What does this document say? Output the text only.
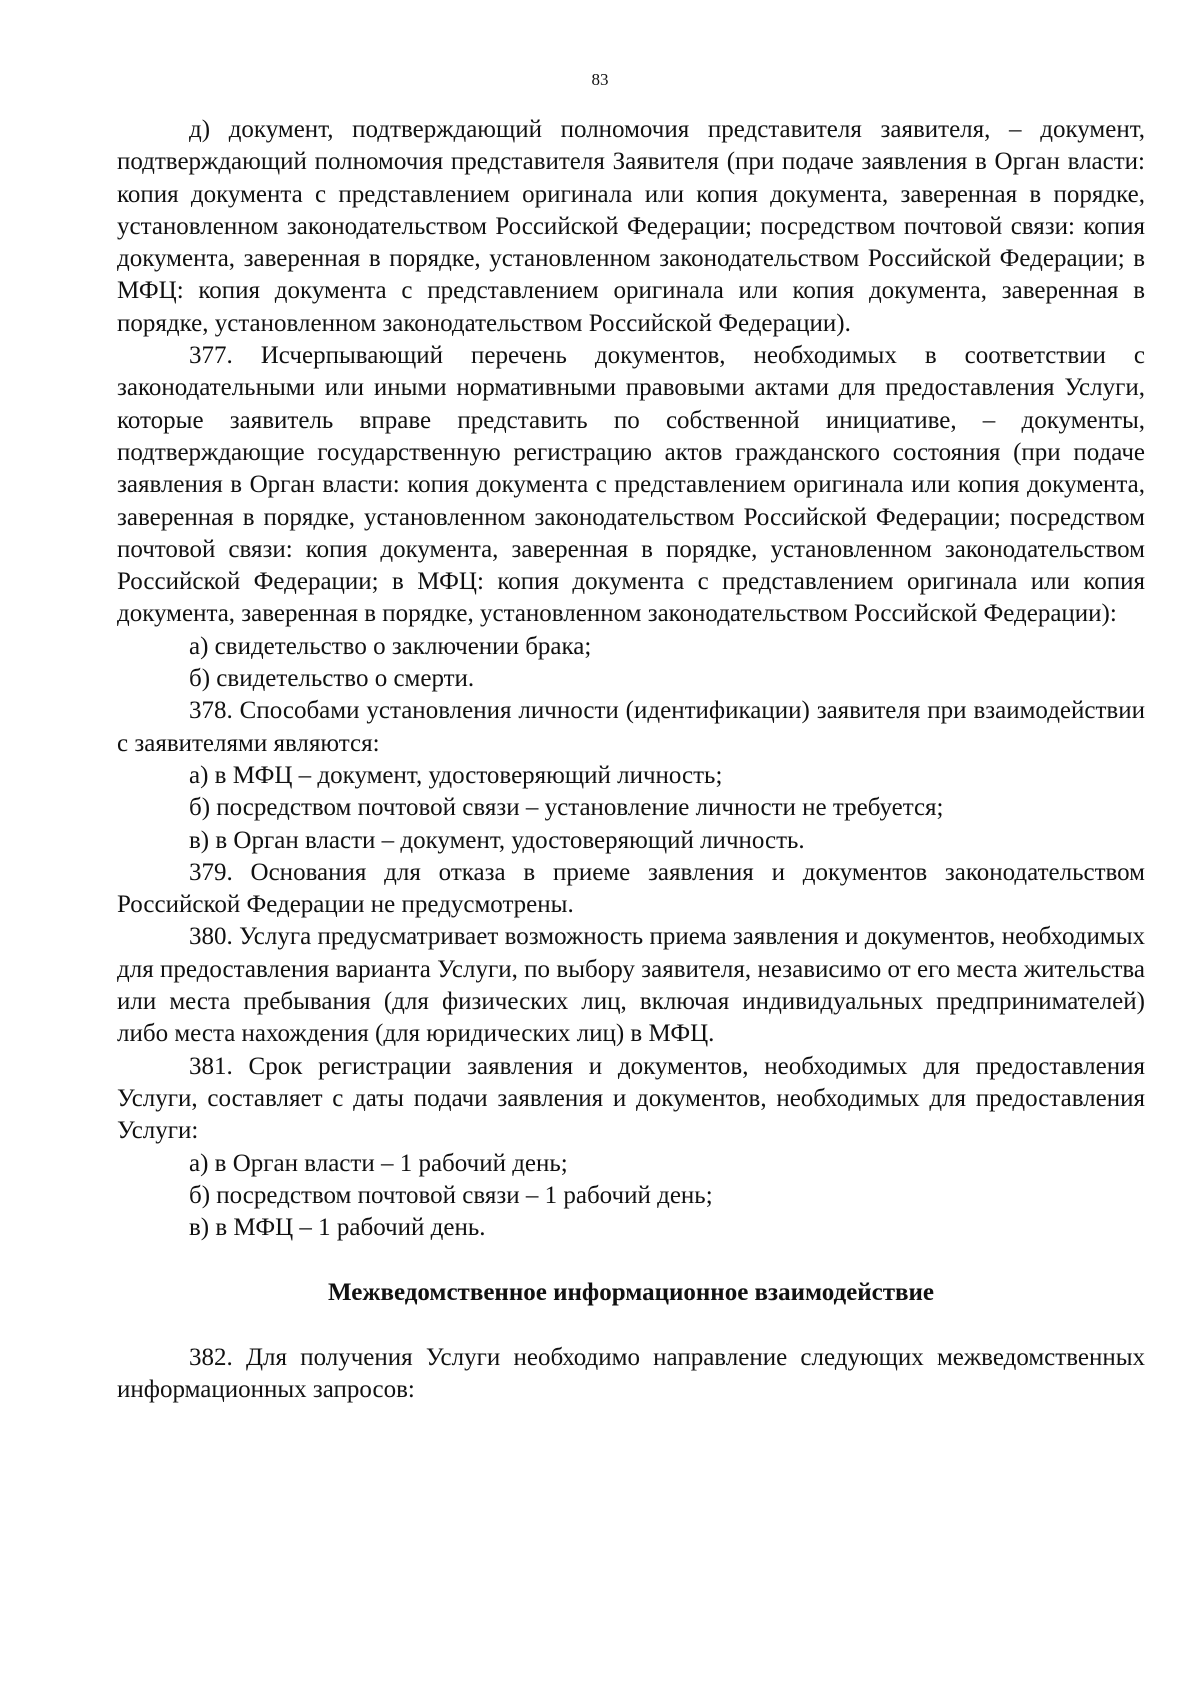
83

д) документ, подтверждающий полномочия представителя заявителя, – документ, подтверждающий полномочия представителя Заявителя (при подаче заявления в Орган власти: копия документа с представлением оригинала или копия документа, заверенная в порядке, установленном законодательством Российской Федерации; посредством почтовой связи: копия документа, заверенная в порядке, установленном законодательством Российской Федерации; в МФЦ: копия документа с представлением оригинала или копия документа, заверенная в порядке, установленном законодательством Российской Федерации).

377. Исчерпывающий перечень документов, необходимых в соответствии с законодательными или иными нормативными правовыми актами для предоставления Услуги, которые заявитель вправе представить по собственной инициативе, – документы, подтверждающие государственную регистрацию актов гражданского состояния (при подаче заявления в Орган власти: копия документа с представлением оригинала или копия документа, заверенная в порядке, установленном законодательством Российской Федерации; посредством почтовой связи: копия документа, заверенная в порядке, установленном законодательством Российской Федерации; в МФЦ: копия документа с представлением оригинала или копия документа, заверенная в порядке, установленном законодательством Российской Федерации):

а) свидетельство о заключении брака;

б) свидетельство о смерти.

378. Способами установления личности (идентификации) заявителя при взаимодействии с заявителями являются:

а) в МФЦ – документ, удостоверяющий личность;

б) посредством почтовой связи – установление личности не требуется;

в) в Орган власти – документ, удостоверяющий личность.

379. Основания для отказа в приеме заявления и документов законодательством Российской Федерации не предусмотрены.

380. Услуга предусматривает возможность приема заявления и документов, необходимых для предоставления варианта Услуги, по выбору заявителя, независимо от его места жительства или места пребывания (для физических лиц, включая индивидуальных предпринимателей) либо места нахождения (для юридических лиц) в МФЦ.

381. Срок регистрации заявления и документов, необходимых для предоставления Услуги, составляет с даты подачи заявления и документов, необходимых для предоставления Услуги:

а) в Орган власти – 1 рабочий день;

б) посредством почтовой связи – 1 рабочий день;

в) в МФЦ – 1 рабочий день.

Межведомственное информационное взаимодействие

382. Для получения Услуги необходимо направление следующих межведомственных информационных запросов:
